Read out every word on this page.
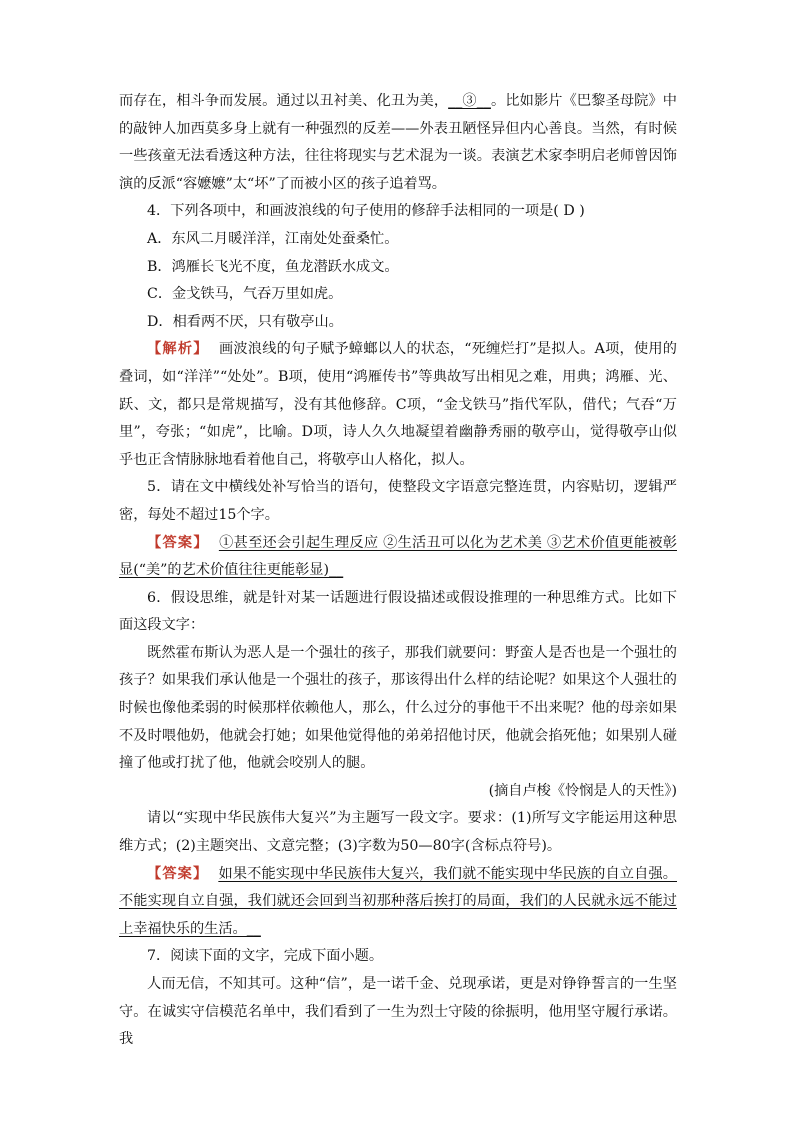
而存在，相斗争而发展。通过以丑衬美、化丑为美，__③__。比如影片《巴黎圣母院》中的敲钟人加西莫多身上就有一种强烈的反差——外表丑陋怪异但内心善良。当然，有时候一些孩童无法看透这种方法，往往将现实与艺术混为一谈。表演艺术家李明启老师曾因饰演的反派“容嬷嬷”太“坏”了而被小区的孩子追着骂。

4．下列各项中，和画波浪线的句子使用的修辞手法相同的一项是( D )

A．东风二月暖洋洋，江南处处蚕桑忙。

B．鸿雁长飞光不度，鱼龙潜跃水成文。

C．金戈铁马，气吞万里如虎。

D．相看两不厌，只有敬亭山。

【解析】 画波浪线的句子赋予蟑螂以人的状态，“死缠烂打”是拟人。A项，使用的叠词，如“洋洋”“处处”。B项，使用“鸿雁传书”等典故写出相见之难，用典；鸿雁、光、跃、文，都只是常规描写，没有其他修辞。C项，“金戈铁马”指代军队，借代；气吞“万里”，夸张；“如虎”，比喻。D项，诗人久久地凝望着幽静秀丽的敬亭山，觉得敬亭山似乎也正含情脉脉地看着他自己，将敬亭山人格化，拟人。

5．请在文中横线处补写恰当的语句，使整段文字语意完整连贯，内容贴切，逻辑严密，每处不超过15个字。

【答案】 ①甚至还会引起生理反应 ②生活丑可以化为艺术美 ③艺术价值更能被彰显(“美”的艺术价值往往更能彰显)__

6．假设思维，就是针对某一话题进行假设描述或假设推理的一种思维方式。比如下面这段文字：

既然霍布斯认为恶人是一个强壮的孩子，那我们就要问：野蛮人是否也是一个强壮的孩子？如果我们承认他是一个强壮的孩子，那该得出什么样的结论呢？如果这个人强壮的时候也像他柔弱的时候那样依赖他人，那么，什么过分的事他干不出来呢？他的母亲如果不及时喂他奶，他就会打她；如果他觉得他的弟弟招他讨厌，他就会掐死他；如果别人碰撞了他或打扰了他，他就会咬别人的腿。

(摘自卢梭《怜悯是人的天性》)

请以“实现中华民族伟大复兴”为主题写一段文字。要求：(1)所写文字能运用这种思维方式；(2)主题突出、文意完整；(3)字数为50—80字(含标点符号)。

【答案】 如果不能实现中华民族伟大复兴，我们就不能实现中华民族的自立自强。不能实现自立自强，我们就还会回到当初那种落后挨打的局面，我们的人民就永远不能过上幸福快乐的生活。__

7．阅读下面的文字，完成下面小题。

人而无信，不知其可。这种“信”，是一诺千金、兑现承诺，更是对铮铮誓言的一生坚守。在诚实守信模范名单中，我们看到了一生为烈士守陵的徐振明，他用坚守履行承诺。我
